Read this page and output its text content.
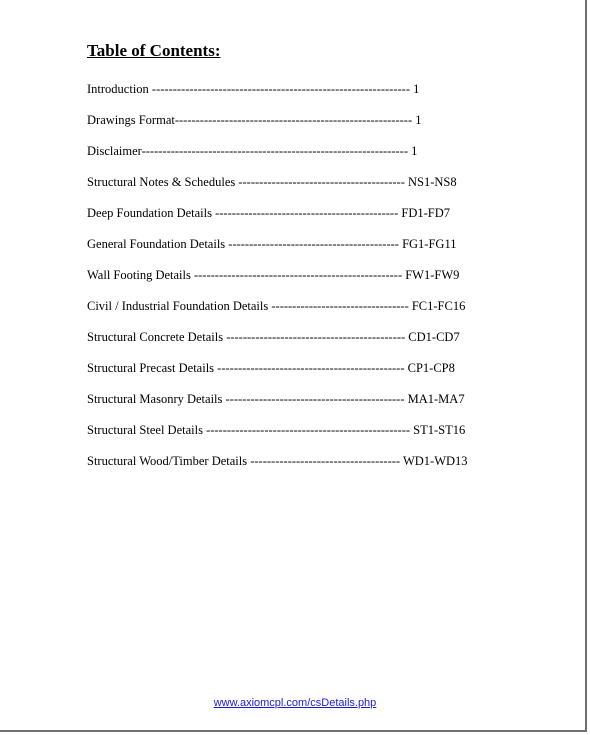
Table of Contents:
Introduction -------------------------------------------------------------- 1
Drawings Format--------------------------------------------------------- 1
Disclaimer---------------------------------------------------------------- 1
Structural Notes & Schedules ---------------------------------------- NS1-NS8
Deep Foundation Details -------------------------------------------- FD1-FD7
General Foundation Details ----------------------------------------- FG1-FG11
Wall Footing Details -------------------------------------------------- FW1-FW9
Civil / Industrial Foundation Details --------------------------------- FC1-FC16
Structural Concrete Details ------------------------------------------- CD1-CD7
Structural Precast Details --------------------------------------------- CP1-CP8
Structural Masonry Details ------------------------------------------- MA1-MA7
Structural Steel Details ------------------------------------------------- ST1-ST16
Structural Wood/Timber Details ------------------------------------ WD1-WD13
www.axiomcpl.com/csDetails.php
